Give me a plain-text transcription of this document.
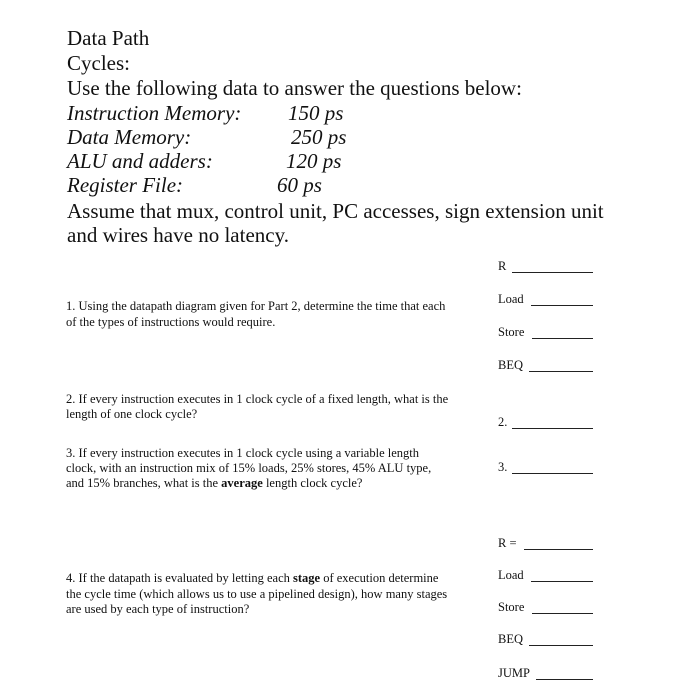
Data Path
Cycles:
Use the following data to answer the questions below:
Instruction Memory: 150 ps
Data Memory:	250 ps
ALU and adders:	120 ps
Register File:	60 ps
Assume that mux, control unit, PC accesses, sign extension unit
and wires have no latency.
1. Using the datapath diagram given for Part 2, determine the time that each
of the types of instructions would require.
R
Load
Store
BEQ
2. If every instruction executes in 1 clock cycle of a fixed length, what is the
length of one clock cycle?
2.
3. If every instruction executes in 1 clock cycle using a variable length
clock, with an instruction mix of 15% loads, 25% stores, 45% ALU type,
and 15% branches, what is the average length clock cycle?
3.
4. If the datapath is evaluated by letting each stage of execution determine
the cycle time (which allows us to use a pipelined design), how many stages
are used by each type of instruction?
R =
Load
Store
BEQ
JUMP
